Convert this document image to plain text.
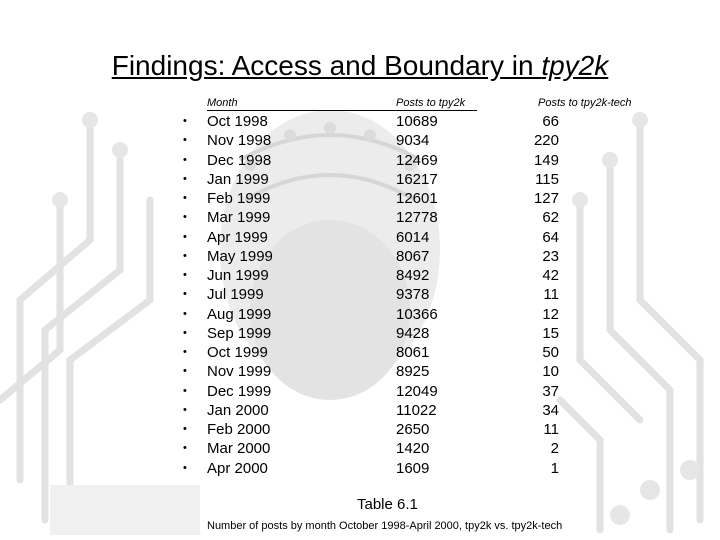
Findings: Access and Boundary in tpy2k
Month	Posts to tpy2k	Posts to tpy2k-tech
• Oct 1998	10689	66
• Nov 1998	9034	220
• Dec 1998	12469	149
• Jan 1999	16217	115
• Feb 1999	12601	127
• Mar 1999	12778	62
• Apr 1999	6014	64
• May 1999	8067	23
• Jun 1999	8492	42
• Jul 1999	9378	11
• Aug 1999	10366	12
• Sep 1999	9428	15
• Oct 1999	8061	50
• Nov 1999	8925	10
• Dec 1999	12049	37
• Jan 2000	11022	34
• Feb 2000	2650	11
• Mar 2000	1420	2
• Apr 2000	1609	1
Table 6.1
Number of posts by month October 1998-April 2000, tpy2k vs. tpy2k-tech
